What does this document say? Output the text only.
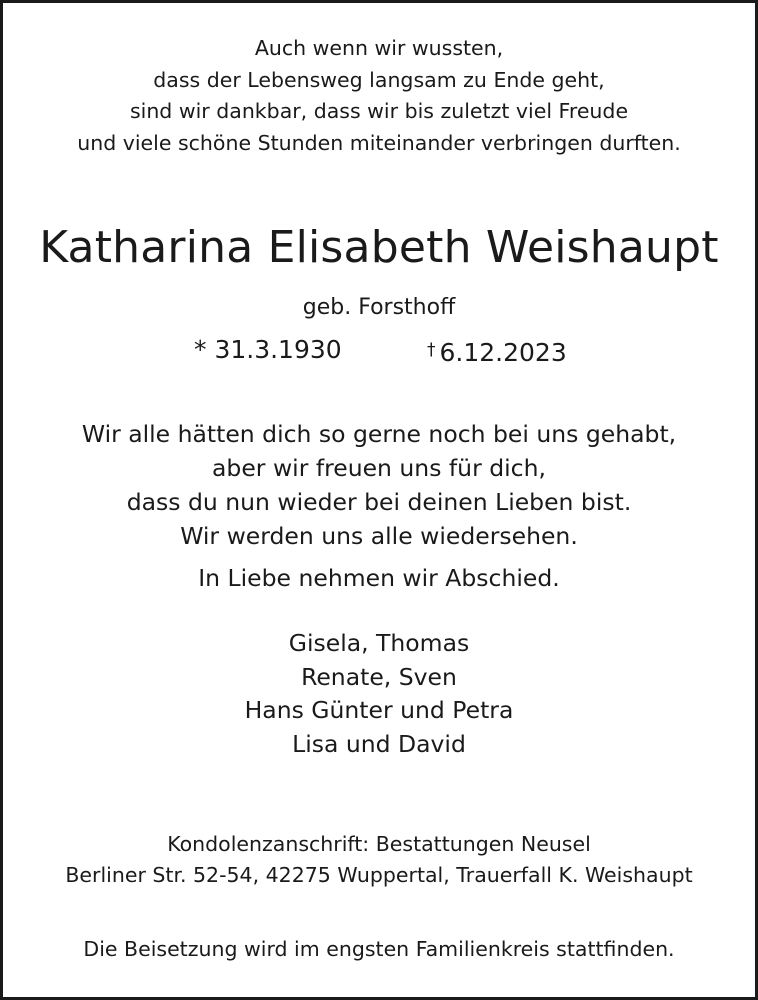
Auch wenn wir wussten,
dass der Lebensweg langsam zu Ende geht,
sind wir dankbar, dass wir bis zuletzt viel Freude
und viele schöne Stunden miteinander verbringen durften.
Katharina Elisabeth Weishaupt
geb. Forsthoff
* 31.3.1930	† 6.12.2023
Wir alle hätten dich so gerne noch bei uns gehabt,
aber wir freuen uns für dich,
dass du nun wieder bei deinen Lieben bist.
Wir werden uns alle wiedersehen.
In Liebe nehmen wir Abschied.
Gisela, Thomas
Renate, Sven
Hans Günter und Petra
Lisa und David
Kondolenzanschrift: Bestattungen Neusel
Berliner Str. 52-54, 42275 Wuppertal, Trauerfall K. Weishaupt
Die Beisetzung wird im engsten Familienkreis stattfinden.
